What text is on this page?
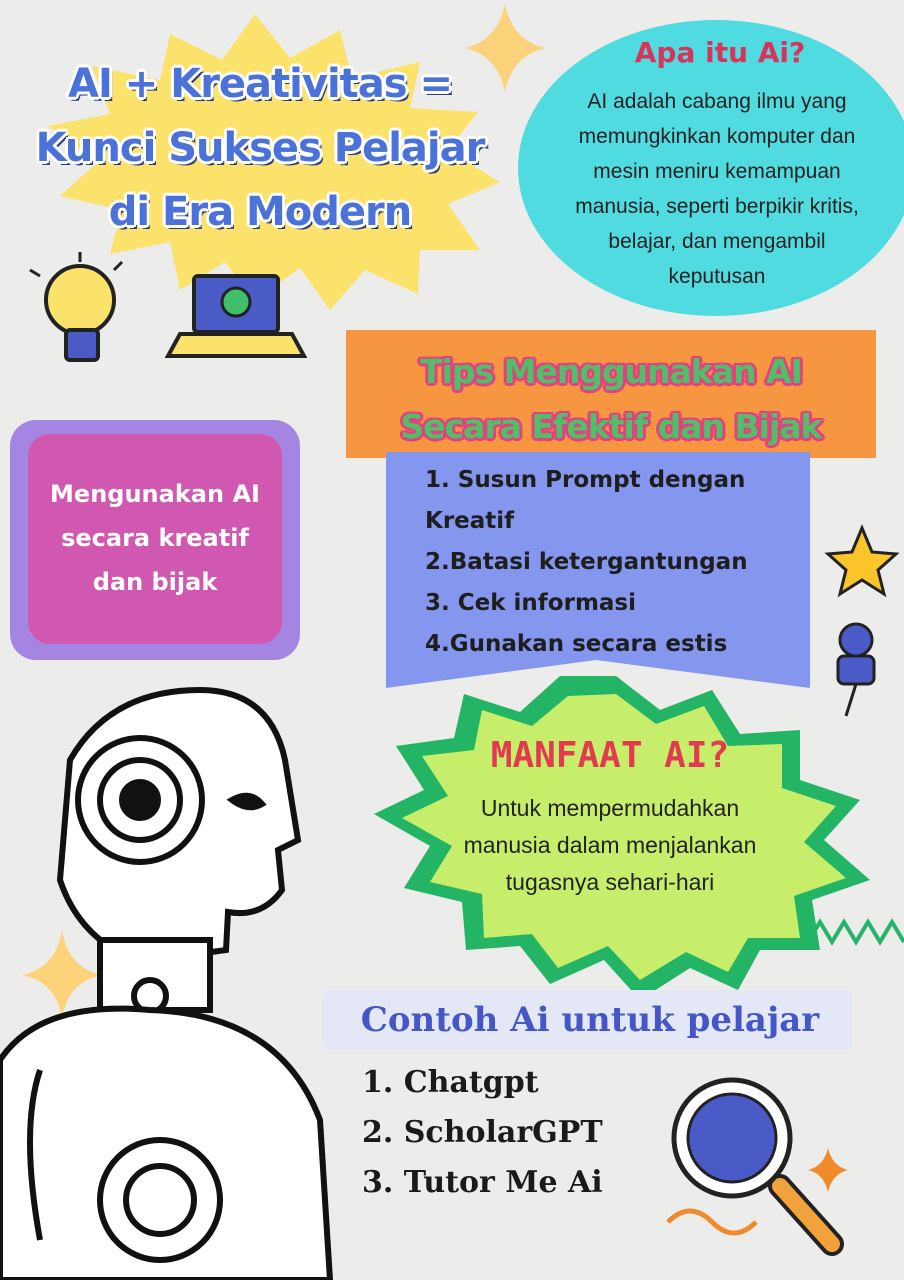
AI + Kreativitas =
Kunci Sukses Pelajar
di Era Modern
Apa itu Ai?
AI adalah cabang ilmu yang
memungkinkan komputer dan
mesin meniru kemampuan
manusia, seperti berpikir kritis,
belajar, dan mengambil
keputusan
Tips Menggunakan AI
Secara Efektif dan Bijak
1. Susun Prompt dengan
Kreatif
2.Batasi ketergantungan
3. Cek informasi
4.Gunakan secara estis
Mengunakan AI
secara kreatif
dan bijak
MANFAAT AI?
Untuk mempermudahkan
manusia dalam menjalankan
tugasnya sehari-hari
Contoh Ai untuk pelajar
1. Chatgpt
2. ScholarGPT
3. Tutor Me Ai
